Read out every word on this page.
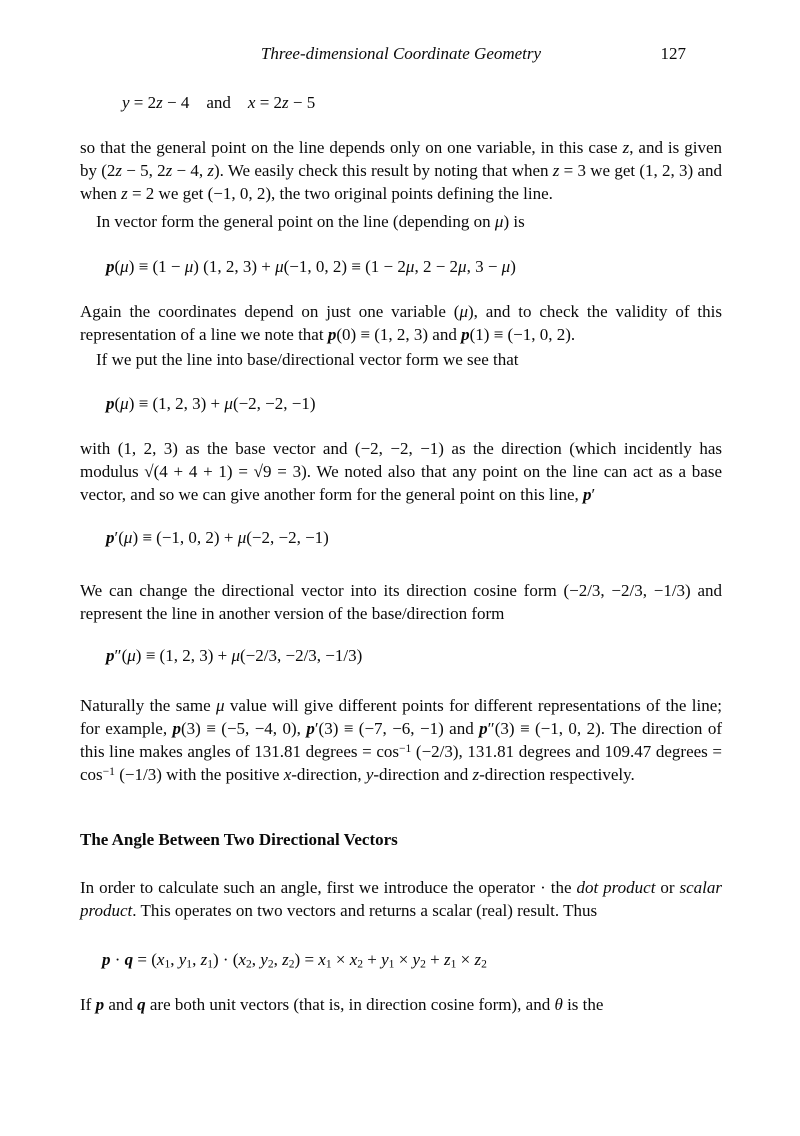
Three-dimensional Coordinate Geometry	127
y = 2z − 4 and x = 2z − 5
so that the general point on the line depends only on one variable, in this case z, and is given by (2z − 5, 2z − 4, z). We easily check this result by noting that when z = 3 we get (1, 2, 3) and when z = 2 we get (−1, 0, 2), the two original points defining the line.
In vector form the general point on the line (depending on μ) is
p(μ) ≡ (1 − μ) (1, 2, 3) + μ(−1, 0, 2) ≡ (1 − 2μ, 2 − 2μ, 3 − μ)
Again the coordinates depend on just one variable (μ), and to check the validity of this representation of a line we note that p(0) ≡ (1, 2, 3) and p(1) ≡ (−1, 0, 2).
If we put the line into base/directional vector form we see that
p(μ) ≡ (1, 2, 3) + μ(−2, −2, −1)
with (1, 2, 3) as the base vector and (−2, −2, −1) as the direction (which incidently has modulus √(4 + 4 + 1) = √9 = 3). We noted also that any point on the line can act as a base vector, and so we can give another form for the general point on this line, p′
p′(μ) ≡ (−1, 0, 2) + μ(−2, −2, −1)
We can change the directional vector into its direction cosine form (−2/3, −2/3, −1/3) and represent the line in another version of the base/direction form
p″(μ) ≡ (1, 2, 3) + μ(−2/3, −2/3, −1/3)
Naturally the same μ value will give different points for different representations of the line; for example, p(3) ≡ (−5, −4, 0), p′(3) ≡ (−7, −6, −1) and p″(3) ≡ (−1, 0, 2). The direction of this line makes angles of 131.81 degrees = $\cos^{-1} (-2/3)$, 131.81 degrees and 109.47 degrees = $\cos^{-1} (-1/3)$ with the positive x-direction, y-direction and z-direction respectively.
The Angle Between Two Directional Vectors
In order to calculate such an angle, first we introduce the operator · the dot product or scalar product. This operates on two vectors and returns a scalar (real) result. Thus
p · q = (x1, y1, z1) · (x2, y2, z2) = x1 × x2 + y1 × y2 + z1 × z2
If p and q are both unit vectors (that is, in direction cosine form), and θ is the
